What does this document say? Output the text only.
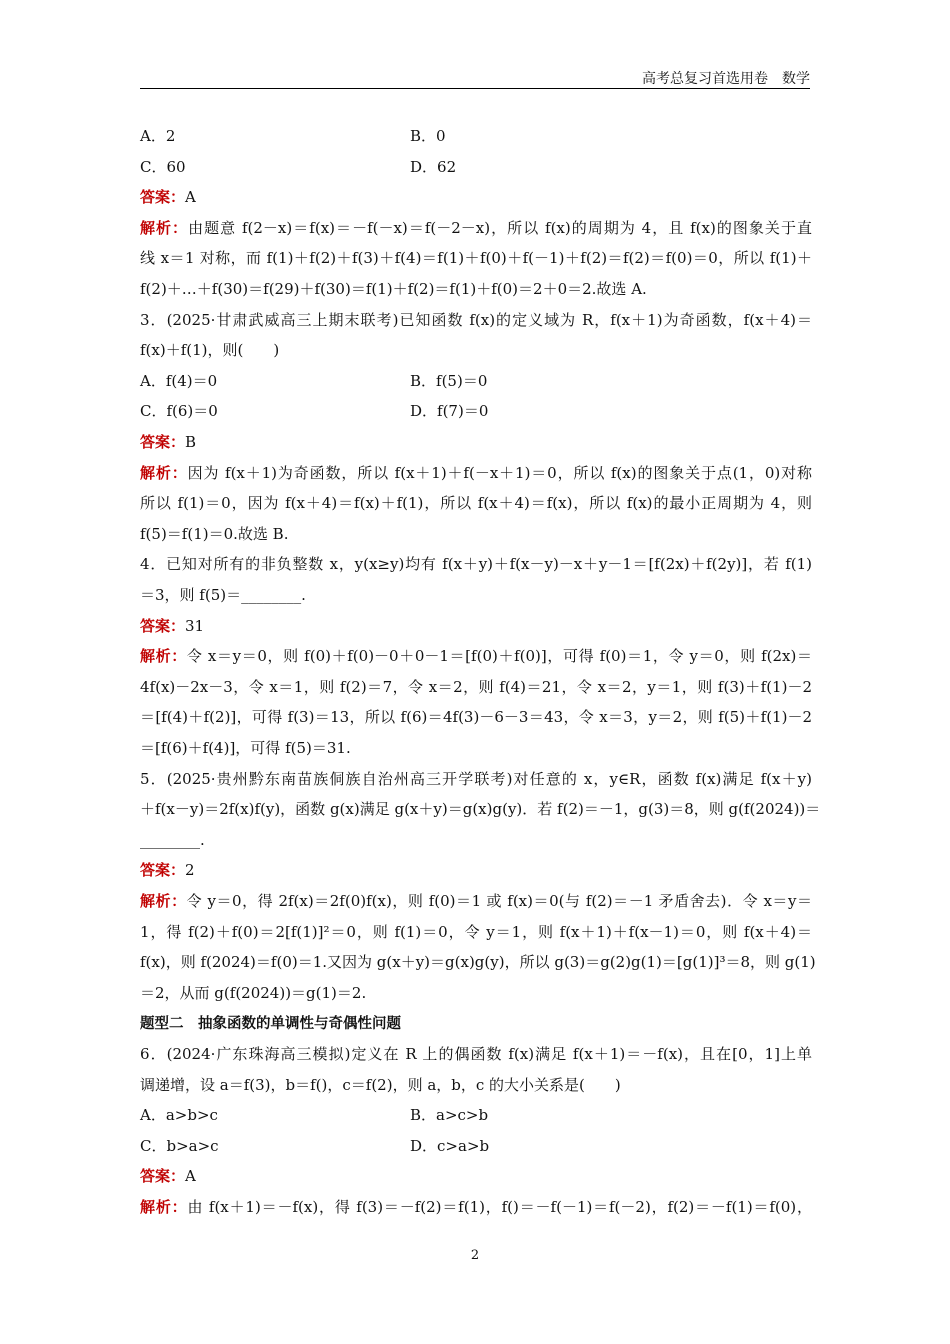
高考总复习首选用卷　数学
A．2	B．0
C．60	D．62
答案：A
解析：由题意 f(2－x)＝f(x)＝－f(－x)＝f(－2－x)，所以 f(x)的周期为 4，且 f(x)的图象关于直
线 x＝1 对称，而 f(1)＋f(2)＋f(3)＋f(4)＝f(1)＋f(0)＋f(－1)＋f(2)＝f(2)＝f(0)＝0，所以 f(1)＋
f(2)＋…＋f(30)＝f(29)＋f(30)＝f(1)＋f(2)＝f(1)＋f(0)＝2＋0＝2.故选 A.
3．(2025·甘肃武威高三上期末联考)已知函数 f(x)的定义域为 R，f(x＋1)为奇函数，f(x＋4)＝
f(x)＋f(1)，则(　　)
A．f(4)＝0	B．f(5)＝0
C．f(6)＝0	D．f(7)＝0
答案：B
解析：因为 f(x＋1)为奇函数，所以 f(x＋1)＋f(－x＋1)＝0，所以 f(x)的图象关于点(1，0)对称
所以 f(1)＝0，因为 f(x＋4)＝f(x)＋f(1)，所以 f(x＋4)＝f(x)，所以 f(x)的最小正周期为 4，则
f(5)＝f(1)＝0.故选 B.
4．已知对所有的非负整数 x，y(x≥y)均有 f(x＋y)＋f(x－y)－x＋y－1＝[f(2x)＋f(2y)]，若 f(1)
＝3，则 f(5)＝________.
答案：31
解析：令 x＝y＝0，则 f(0)＋f(0)－0＋0－1＝[f(0)＋f(0)]，可得 f(0)＝1，令 y＝0，则 f(2x)＝
4f(x)－2x－3，令 x＝1，则 f(2)＝7，令 x＝2，则 f(4)＝21，令 x＝2，y＝1，则 f(3)＋f(1)－2
＝[f(4)＋f(2)]，可得 f(3)＝13，所以 f(6)＝4f(3)－6－3＝43，令 x＝3，y＝2，则 f(5)＋f(1)－2
＝[f(6)＋f(4)]，可得 f(5)＝31.
5．(2025·贵州黔东南苗族侗族自治州高三开学联考)对任意的 x，y∈R，函数 f(x)满足 f(x＋y)
＋f(x－y)＝2f(x)f(y)，函数 g(x)满足 g(x＋y)＝g(x)g(y)．若 f(2)＝－1，g(3)＝8，则 g(f(2024))＝
________.
答案：2
解析：令 y＝0，得 2f(x)＝2f(0)f(x)，则 f(0)＝1 或 f(x)＝0(与 f(2)＝－1 矛盾舍去)．令 x＝y＝
1，得 f(2)＋f(0)＝2[f(1)]²＝0，则 f(1)＝0，令 y＝1，则 f(x＋1)＋f(x－1)＝0，则 f(x＋4)＝
f(x)，则 f(2024)＝f(0)＝1.又因为 g(x＋y)＝g(x)g(y)，所以 g(3)＝g(2)g(1)＝[g(1)]³＝8，则 g(1)
＝2，从而 g(f(2024))＝g(1)＝2.
题型二　抽象函数的单调性与奇偶性问题
6．(2024·广东珠海高三模拟)定义在 R 上的偶函数 f(x)满足 f(x＋1)＝－f(x)，且在[0，1]上单
调递增，设 a＝f(3)，b＝f()，c＝f(2)，则 a，b，c 的大小关系是(　　)
A．a>b>c	B．a>c>b
C．b>a>c	D．c>a>b
答案：A
解析：由 f(x＋1)＝－f(x)，得 f(3)＝－f(2)＝f(1)，f()＝－f(－1)＝f(－2)，f(2)＝－f(1)＝f(0)，
2
